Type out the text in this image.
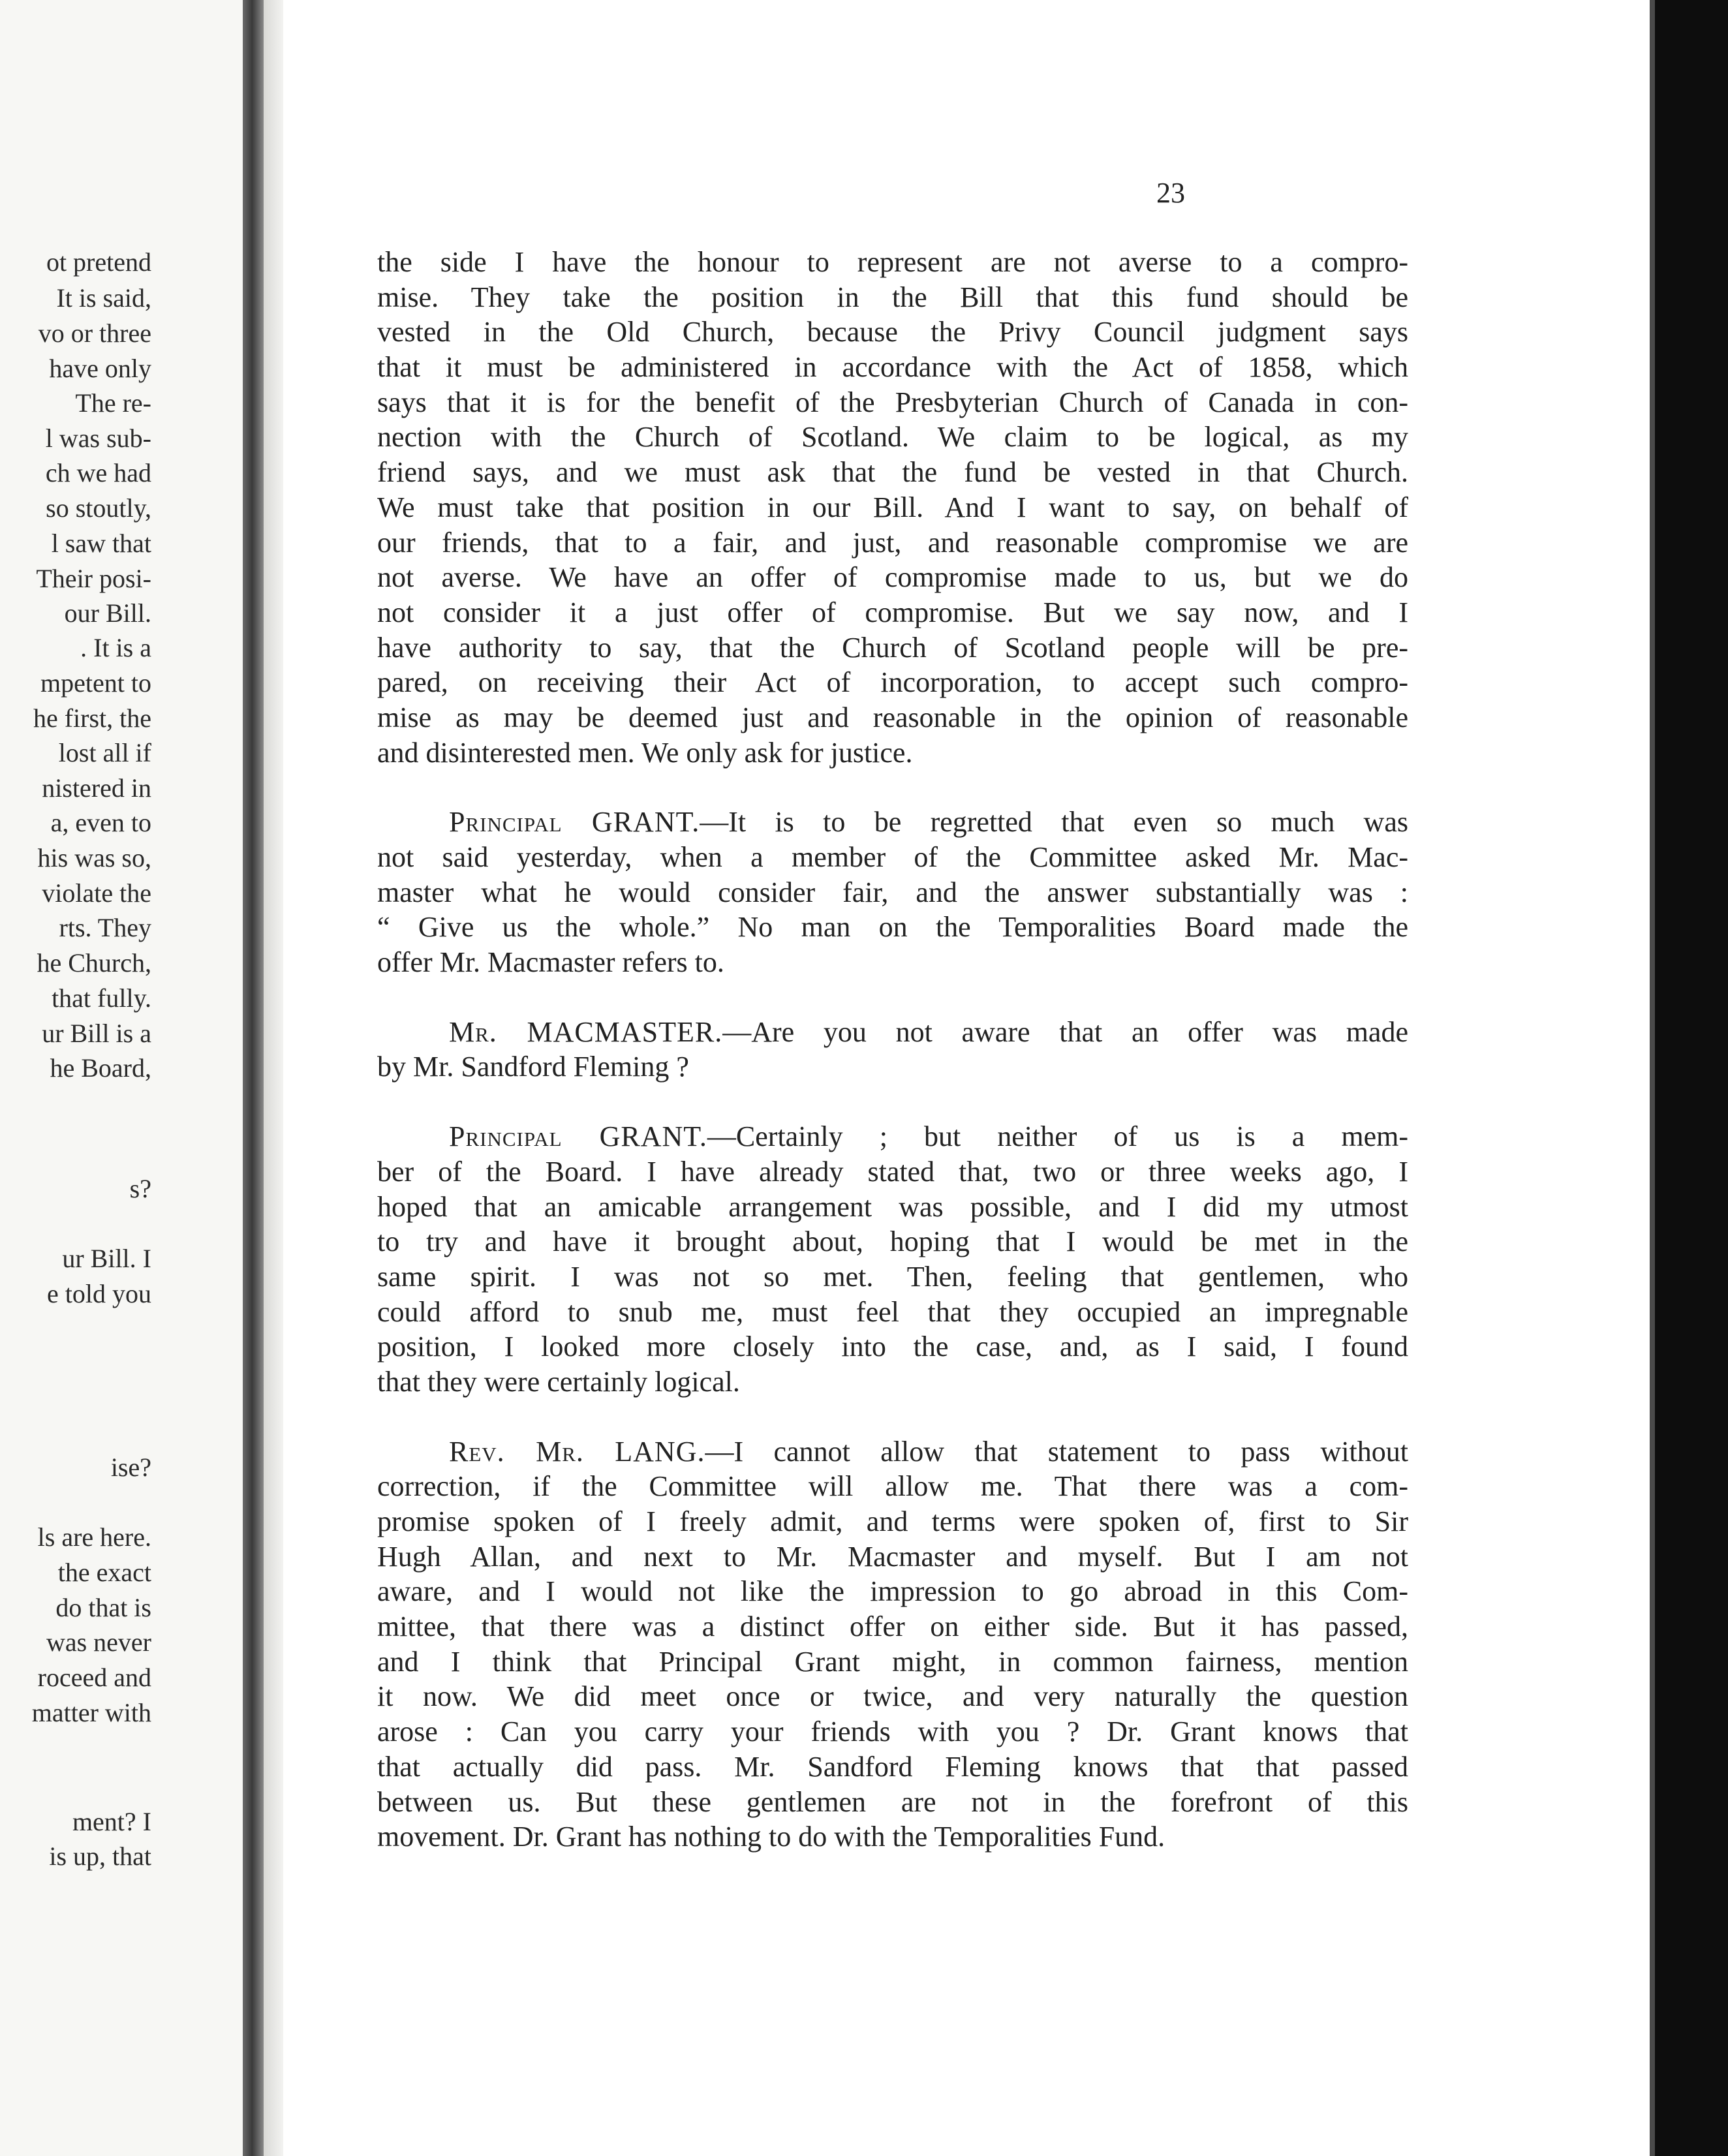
ot pretend
It is said,
vo or three
have only
The re-
l was sub-
ch we had
so stoutly,
l saw that
Their posi-
our Bill.
. It is a
mpetent to
he first, the
lost all if
nistered in
a, even to
his was so,
violate the
rts. They
he Church,
that fully.
ur Bill is a
he Board,
s?
ur Bill. I
e told you
ise?
ls are here.
the exact
do that is
was never
roceed and
matter with
ment? I
is up, that
23
the side I have the honour to represent are not averse to a compro-
mise. They take the position in the Bill that this fund should be
vested in the Old Church, because the Privy Council judgment says
that it must be administered in accordance with the Act of 1858, which
says that it is for the benefit of the Presbyterian Church of Canada in con-
nection with the Church of Scotland. We claim to be logical, as my
friend says, and we must ask that the fund be vested in that Church.
We must take that position in our Bill. And I want to say, on behalf of
our friends, that to a fair, and just, and reasonable compromise we are
not averse. We have an offer of compromise made to us, but we do
not consider it a just offer of compromise. But we say now, and I
have authority to say, that the Church of Scotland people will be pre-
pared, on receiving their Act of incorporation, to accept such compro-
mise as may be deemed just and reasonable in the opinion of reasonable
and disinterested men. We only ask for justice.
Principal GRANT.—It is to be regretted that even so much was
not said yesterday, when a member of the Committee asked Mr. Mac-
master what he would consider fair, and the answer substantially was :
“ Give us the whole.” No man on the Temporalities Board made the
offer Mr. Macmaster refers to.
Mr. MACMASTER.—Are you not aware that an offer was made
by Mr. Sandford Fleming ?
Principal GRANT.—Certainly ; but neither of us is a mem-
ber of the Board. I have already stated that, two or three weeks ago, I
hoped that an amicable arrangement was possible, and I did my utmost
to try and have it brought about, hoping that I would be met in the
same spirit. I was not so met. Then, feeling that gentlemen, who
could afford to snub me, must feel that they occupied an impregnable
position, I looked more closely into the case, and, as I said, I found
that they were certainly logical.
Rev. Mr. LANG.—I cannot allow that statement to pass without
correction, if the Committee will allow me. That there was a com-
promise spoken of I freely admit, and terms were spoken of, first to Sir
Hugh Allan, and next to Mr. Macmaster and myself. But I am not
aware, and I would not like the impression to go abroad in this Com-
mittee, that there was a distinct offer on either side. But it has passed,
and I think that Principal Grant might, in common fairness, mention
it now. We did meet once or twice, and very naturally the question
arose : Can you carry your friends with you ? Dr. Grant knows that
that actually did pass. Mr. Sandford Fleming knows that that passed
between us. But these gentlemen are not in the forefront of this
movement. Dr. Grant has nothing to do with the Temporalities Fund.
